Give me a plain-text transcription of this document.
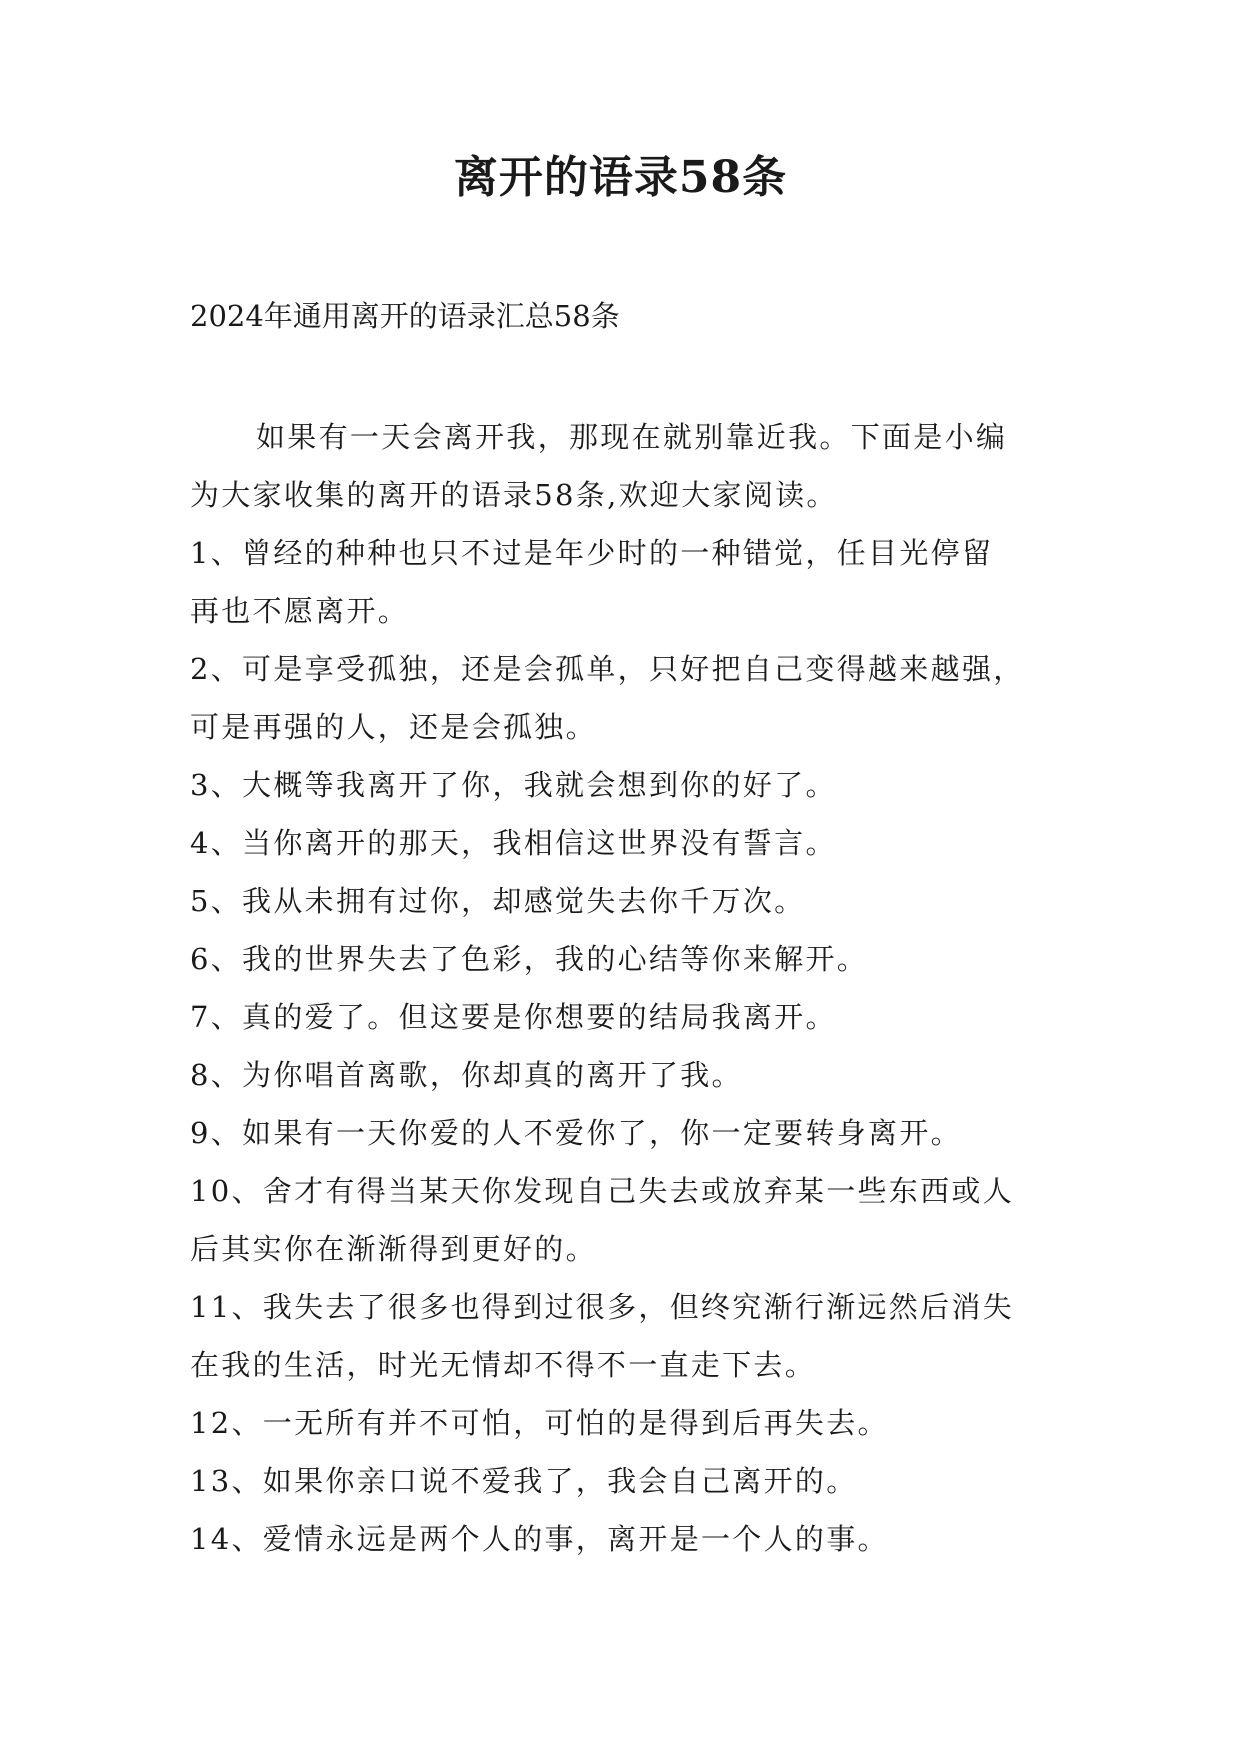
离开的语录58条

2024年通用离开的语录汇总58条

如果有一天会离开我，那现在就别靠近我。下面是小编
为大家收集的离开的语录58条,欢迎大家阅读。
1、曾经的种种也只不过是年少时的一种错觉，任目光停留
再也不愿离开。
2、可是享受孤独，还是会孤单，只好把自己变得越来越强，
可是再强的人，还是会孤独。
3、大概等我离开了你，我就会想到你的好了。
4、当你离开的那天，我相信这世界没有誓言。
5、我从未拥有过你，却感觉失去你千万次。
6、我的世界失去了色彩，我的心结等你来解开。
7、真的爱了。但这要是你想要的结局我离开。
8、为你唱首离歌，你却真的离开了我。
9、如果有一天你爱的人不爱你了，你一定要转身离开。
10、舍才有得当某天你发现自己失去或放弃某一些东西或人
后其实你在渐渐得到更好的。
11、我失去了很多也得到过很多，但终究渐行渐远然后消失
在我的生活，时光无情却不得不一直走下去。
12、一无所有并不可怕，可怕的是得到后再失去。
13、如果你亲口说不爱我了，我会自己离开的。
14、爱情永远是两个人的事，离开是一个人的事。
